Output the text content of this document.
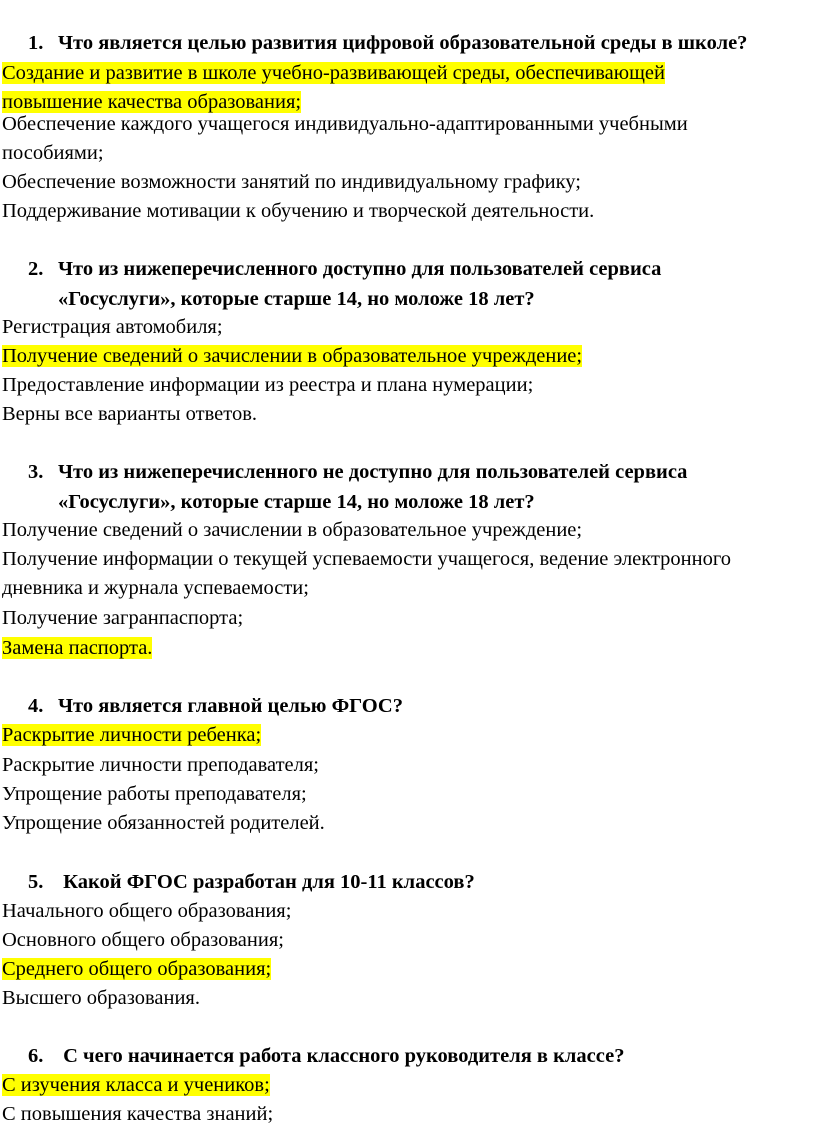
1. Что является целью развития цифровой образовательной среды в школе?
Создание и развитие в школе учебно-развивающей среды, обеспечивающей
повышение качества образования;
Обеспечение каждого учащегося индивидуально-адаптированными учебными
пособиями;
Обеспечение возможности занятий по индивидуальному графику;
Поддерживание мотивации к обучению и творческой деятельности.
2. Что из нижеперечисленного доступно для пользователей сервиса
«Госуслуги», которые старше 14, но моложе 18 лет?
Регистрация автомобиля;
Получение сведений о зачислении в образовательное учреждение;
Предоставление информации из реестра и плана нумерации;
Верны все варианты ответов.
3. Что из нижеперечисленного не доступно для пользователей сервиса
«Госуслуги», которые старше 14, но моложе 18 лет?
Получение сведений о зачислении в образовательное учреждение;
Получение информации о текущей успеваемости учащегося, ведение электронного
дневника и журнала успеваемости;
Получение загранпаспорта;
Замена паспорта.
4. Что является главной целью ФГОС?
Раскрытие личности ребенка;
Раскрытие личности преподавателя;
Упрощение работы преподавателя;
Упрощение обязанностей родителей.
5. Какой ФГОС разработан для 10-11 классов?
Начального общего образования;
Основного общего образования;
Среднего общего образования;
Высшего образования.
6. С чего начинается работа классного руководителя в классе?
С изучения класса и учеников;
С повышения качества знаний;
